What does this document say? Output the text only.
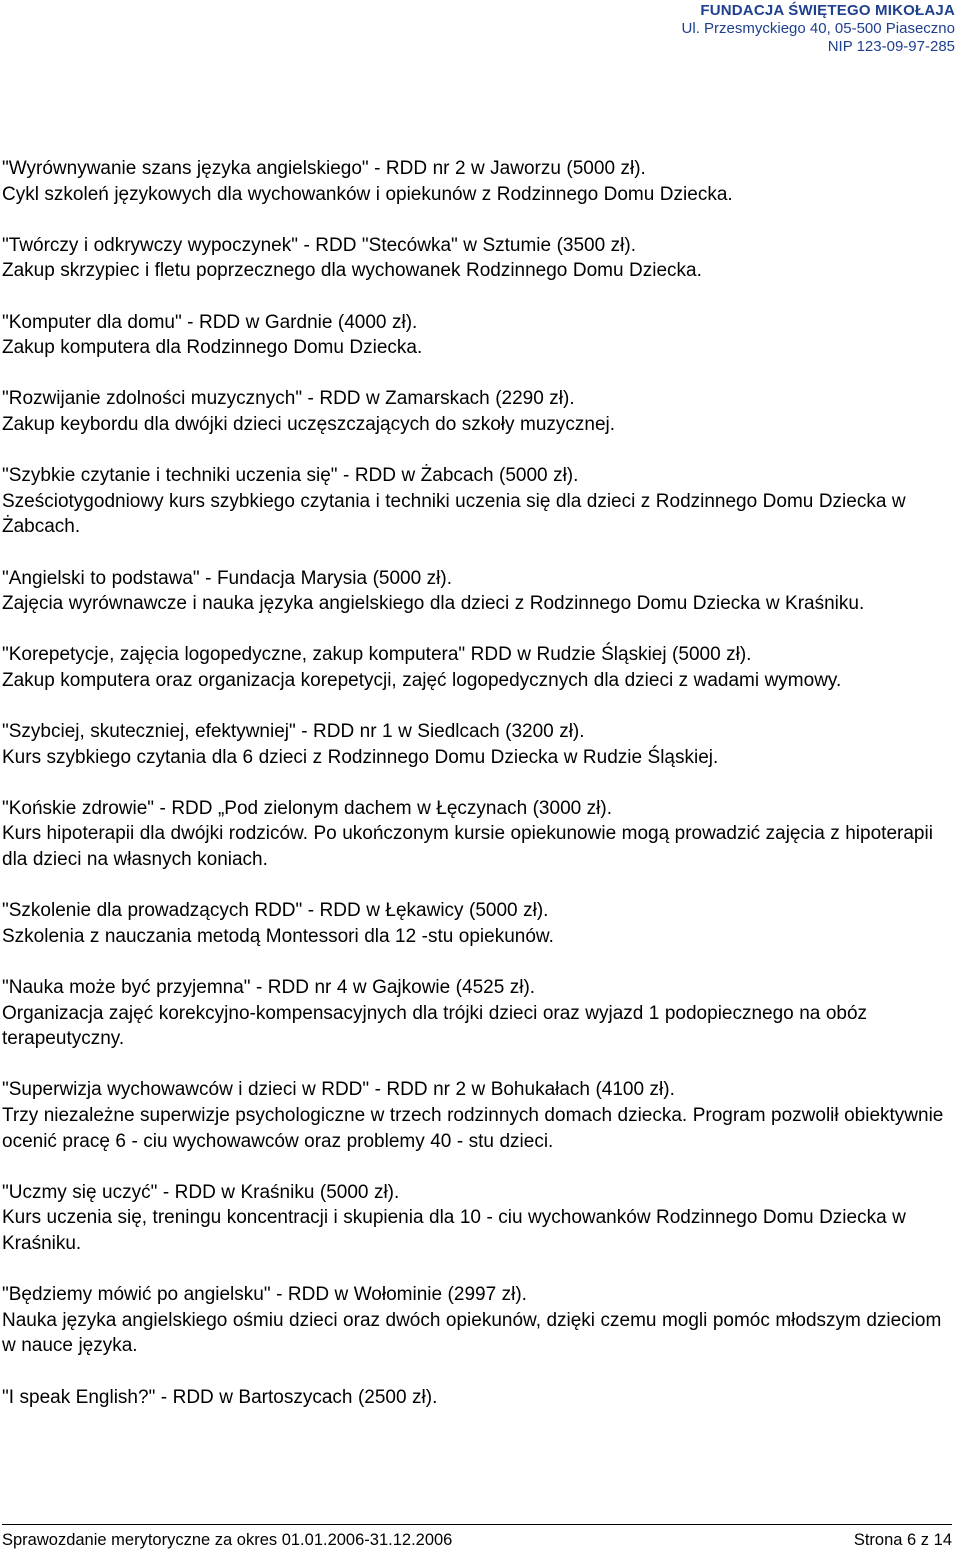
FUNDACJA ŚWIĘTEGO MIKOŁAJA
Ul. Przesmyckiego 40, 05-500 Piaseczno
NIP 123-09-97-285
"Wyrównywanie szans języka angielskiego" - RDD nr 2 w Jaworzu (5000 zł).
Cykl szkoleń językowych dla wychowanków i opiekunów z Rodzinnego Domu Dziecka.
"Twórczy i odkrywczy wypoczynek" - RDD "Stecówka" w Sztumie (3500 zł).
Zakup skrzypiec i fletu poprzecznego dla wychowanek Rodzinnego Domu Dziecka.
"Komputer dla domu" - RDD w Gardnie (4000 zł).
Zakup komputera dla Rodzinnego Domu Dziecka.
"Rozwijanie zdolności muzycznych" - RDD w Zamarskach (2290 zł).
Zakup keybordu dla dwójki dzieci uczęszczających do szkoły muzycznej.
"Szybkie czytanie i techniki uczenia się" - RDD w Żabcach (5000 zł).
Sześciotygodniowy kurs szybkiego czytania i techniki uczenia się dla dzieci z Rodzinnego Domu Dziecka w Żabcach.
"Angielski to podstawa" - Fundacja Marysia (5000 zł).
Zajęcia wyrównawcze i nauka języka angielskiego dla dzieci z Rodzinnego Domu Dziecka w Kraśniku.
"Korepetycje, zajęcia logopedyczne, zakup komputera" RDD w Rudzie Śląskiej (5000 zł).
Zakup komputera oraz organizacja korepetycji, zajęć logopedycznych dla dzieci z wadami wymowy.
"Szybciej, skuteczniej, efektywniej" - RDD nr 1 w Siedlcach (3200 zł).
Kurs szybkiego czytania dla 6 dzieci z Rodzinnego Domu Dziecka w Rudzie Śląskiej.
"Końskie zdrowie" - RDD „Pod zielonym dachem w Łęczynach (3000 zł).
Kurs hipoterapii dla dwójki rodziców. Po ukończonym kursie opiekunowie mogą prowadzić zajęcia z hipoterapii dla dzieci na własnych koniach.
"Szkolenie dla prowadzących RDD" - RDD w Łękawicy (5000 zł).
Szkolenia z nauczania metodą Montessori dla 12 -stu opiekunów.
"Nauka może być przyjemna" - RDD nr 4 w Gajkowie (4525 zł).
Organizacja zajęć korekcyjno-kompensacyjnych dla trójki dzieci oraz wyjazd 1 podopiecznego na obóz terapeutyczny.
"Superwizja wychowawców i dzieci w RDD" - RDD nr 2 w Bohukałach (4100 zł).
Trzy niezależne superwizje psychologiczne w trzech rodzinnych domach dziecka. Program pozwolił obiektywnie ocenić pracę 6 - ciu wychowawców oraz problemy 40 - stu dzieci.
"Uczmy się uczyć" - RDD w Kraśniku (5000 zł).
Kurs uczenia się, treningu koncentracji i skupienia dla 10 - ciu wychowanków Rodzinnego Domu Dziecka w Kraśniku.
"Będziemy mówić po angielsku" - RDD w Wołominie (2997 zł).
Nauka języka angielskiego ośmiu dzieci oraz dwóch opiekunów, dzięki czemu mogli pomóc młodszym dzieciom w nauce języka.
"I speak English?" - RDD w Bartoszycach (2500 zł).
Sprawozdanie merytoryczne za okres 01.01.2006-31.12.2006	Strona 6 z 14
